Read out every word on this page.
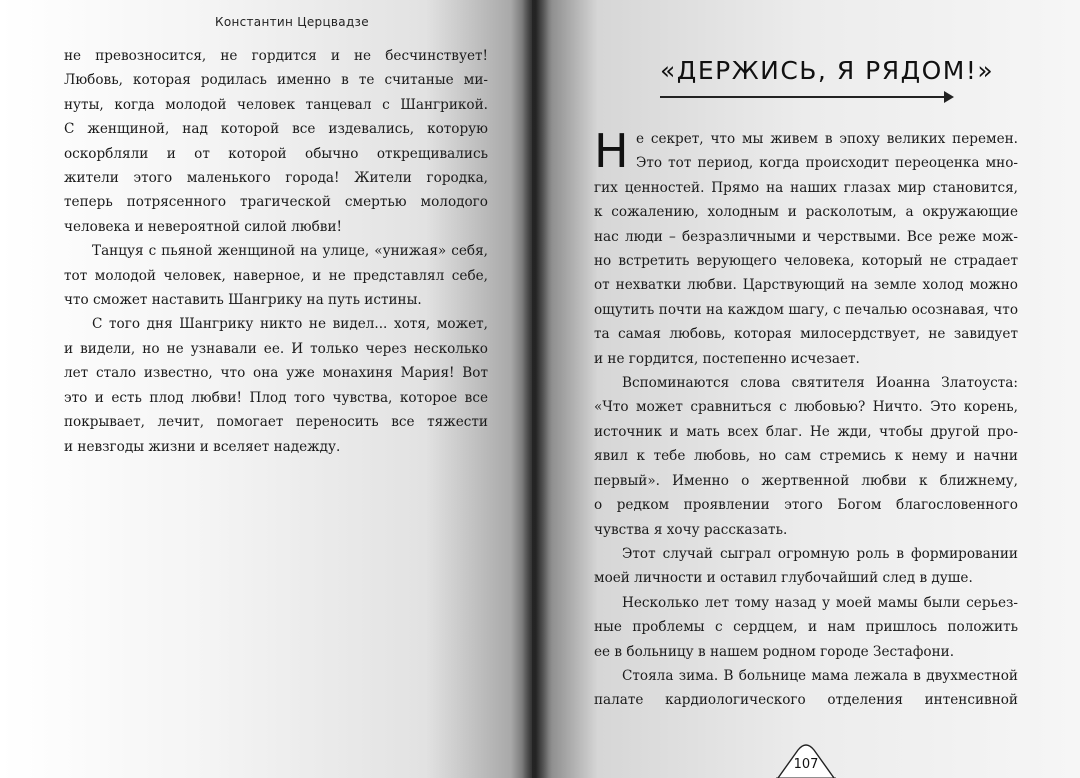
Константин Церцвадзе
не превозносится, не гордится и не бесчинствует!
Любовь, которая родилась именно в те считаные ми-
нуты, когда молодой человек танцевал с Шангрикой.
С женщиной, над которой все издевались, которую
оскорбляли и от которой обычно открещивались
жители этого маленького города! Жители городка,
теперь потрясенного трагической смертью молодого
человека и невероятной силой любви!
Танцуя с пьяной женщиной на улице, «унижая» себя,
тот молодой человек, наверное, и не представлял себе,
что сможет наставить Шангрику на путь истины.
С того дня Шангрику никто не видел... хотя, может,
и видели, но не узнавали ее. И только через несколько
лет стало известно, что она уже монахиня Мария! Вот
это и есть плод любви! Плод того чувства, которое все
покрывает, лечит, помогает переносить все тяжести
и невзгоды жизни и вселяет надежду.
«ДЕРЖИСЬ, Я РЯДОМ!»
Н е секрет, что мы живем в эпоху великих перемен.
Это тот период, когда происходит переоценка мно-
гих ценностей. Прямо на наших глазах мир становится,
к сожалению, холодным и расколотым, а окружающие
нас люди – безразличными и черствыми. Все реже мож-
но встретить верующего человека, который не страдает
от нехватки любви. Царствующий на земле холод можно
ощутить почти на каждом шагу, с печалью осознавая, что
та самая любовь, которая милосердствует, не завидует
и не гордится, постепенно исчезает.
Вспоминаются слова святителя Иоанна Златоуста:
«Что может сравниться с любовью? Ничто. Это корень,
источник и мать всех благ. Не жди, чтобы другой про-
явил к тебе любовь, но сам стремись к нему и начни
первый». Именно о жертвенной любви к ближнему,
о редком проявлении этого Богом благословенного
чувства я хочу рассказать.
Этот случай сыграл огромную роль в формировании
моей личности и оставил глубочайший след в душе.
Несколько лет тому назад у моей мамы были серьез-
ные проблемы с сердцем, и нам пришлось положить
ее в больницу в нашем родном городе Зестафони.
Стояла зима. В больнице мама лежала в двухместной
палате кардиологического отделения интенсивной
107
